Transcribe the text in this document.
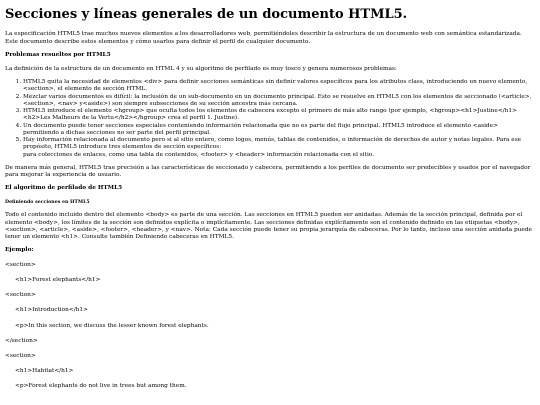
Secciones y líneas generales de un documento HTML5.

La especificación HTML5 trae muchos nuevos elementos a los desarrolladores web, permitiéndoles describir la estructura de un documento web con semántica estandarizada. Este documento describe estos elementos y cómo usarlos para definir el perfil de cualquier documento.

Problemas resueltos por HTML5

La definición de la estructura de un documento en HTML 4 y su algoritmo de perfilado es muy tosco y genera numerosos problemas:

1. HTML5 quita la necesidad de elementos <div> para definir secciones semánticas sin definir valores específicos para los atributos class, introduciendo un nuevo elemento, <section>, el elemento de sección HTML.
2. Mezclar varios documentos es difícil: la inclusión de un sub-documento en un documento principal. Esto se resuelve en HTML5 con los elementos de seccionado (<article>, <section>, <nav> y<aside>) son siempre subsecciones de su sección ancestra más cercana.
3. HTML5 introduce el elemento <hgroup> que oculta todos los elementos de cabecera excepto el primero de más alto rango (por ejemplo, <hgroup><h1>Justine</h1><h2>Les Malheurs de la Vertu</h2></hgroup> crea el perfil 1. Justine).
4. Un documento puede tener secciones especiales conteniendo información relacionada que no es parte del flujo principal. HTML5 introduce el elemento <aside> permitiendo a dichas secciones no ser parte del perfil principal.
5. Hay información relacionada al documento pero si al sitio entero, como logos, menús, tablas de contenidos, o información de derechos de autor y notas legales. Para ese propósito, HTML5 introduce tres elementos de sección específicos:
para colecciones de enlaces, como una tabla de contenidos, <footer> y <header> información relacionada con el sitio.

De manera más general, HTML5 trae precisión a las características de seccionado y cabecera, permitiendo a los perfiles de documento ser predecibles y usados por el navegador para mejorar la experiencia de usuario.

El algoritmo de perfilado de HTML5

Definiendo secciones en HTML5

Todo el contenido incluido dentro del elemento <body> es parte de una sección. Las secciones en HTML5 pueden ser anidadas. Además de la sección principal, definida por el elemento <body>, los límites de la sección son definidos explícita o implícitamente. Las secciones definidas explícitamente son el contenido definido en las etiquetas <body>, <section>, <article>, <aside>, <footer>, <header>, y <nav>. Nota: Cada sección puede tener su propia jerarquía de cabeceras. Por lo tanto, incluso una sección anidada puede tener un elemento <h1>. Consulte también Definiendo cabeceras en HTML5.

Ejemplo:

<section>

<h1>Forest elephants</h1>

<section>

<h1>Introduction</h1>

<p>In this section, we discuss the lesser known forest elephants.

</section>

<section>

<h1>Habitat</h1>

<p>Forest elephants do not live in trees but among them.
